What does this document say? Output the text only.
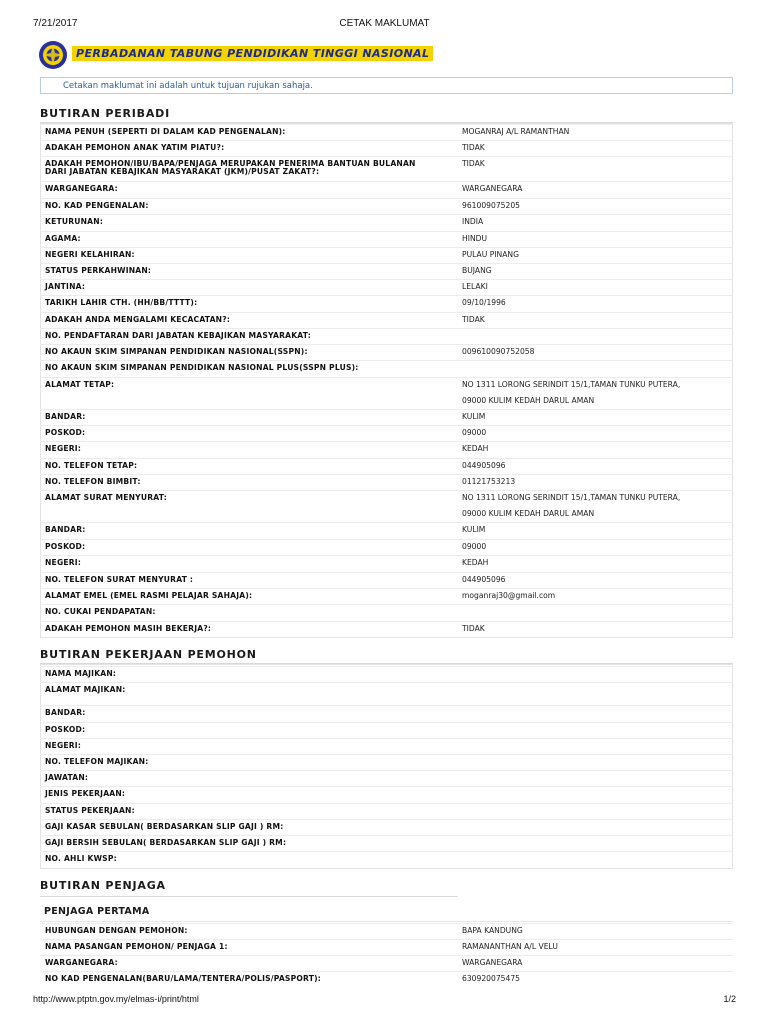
7/21/2017	CETAK MAKLUMAT
PERBADANAN TABUNG PENDIDIKAN TINGGI NASIONAL
Cetakan maklumat ini adalah untuk tujuan rujukan sahaja.
BUTIRAN PERIBADI
NAMA PENUH (SEPERTI DI DALAM KAD PENGENALAN):	MOGANRAJ A/L RAMANTHAN
ADAKAH PEMOHON ANAK YATIM PIATU?:	TIDAK
ADAKAH PEMOHON/IBU/BAPA/PENJAGA MERUPAKAN PENERIMA BANTUAN BULANAN
DARI JABATAN KEBAJIKAN MASYARAKAT (JKM)/PUSAT ZAKAT?:
TIDAK
WARGANEGARA:	WARGANEGARA
NO. KAD PENGENALAN:	961009075205
KETURUNAN:	INDIA
AGAMA:	HINDU
NEGERI KELAHIRAN:	PULAU PINANG
STATUS PERKAHWINAN:	BUJANG
JANTINA:	LELAKI
TARIKH LAHIR CTH. (HH/BB/TTTT):	09/10/1996
ADAKAH ANDA MENGALAMI KECACATAN?:	TIDAK
NO. PENDAFTARAN DARI JABATAN KEBAJIKAN MASYARAKAT:
NO AKAUN SKIM SIMPANAN PENDIDIKAN NASIONAL(SSPN):	009610090752058
NO AKAUN SKIM SIMPANAN PENDIDIKAN NASIONAL PLUS(SSPN PLUS):
ALAMAT TETAP:	NO 1311 LORONG SERINDIT 15/1,TAMAN TUNKU PUTERA,
09000 KULIM KEDAH DARUL AMAN
BANDAR:	KULIM
POSKOD:	09000
NEGERI:	KEDAH
NO. TELEFON TETAP:	044905096
NO. TELEFON BIMBIT:	01121753213
ALAMAT SURAT MENYURAT:	NO 1311 LORONG SERINDIT 15/1,TAMAN TUNKU PUTERA,
09000 KULIM KEDAH DARUL AMAN
BANDAR:	KULIM
POSKOD:	09000
NEGERI:	KEDAH
NO. TELEFON SURAT MENYURAT :	044905096
ALAMAT EMEL (EMEL RASMI PELAJAR SAHAJA):	moganraj30@gmail.com
NO. CUKAI PENDAPATAN:
ADAKAH PEMOHON MASIH BEKERJA?:	TIDAK
BUTIRAN PEKERJAAN PEMOHON
NAMA MAJIKAN:
ALAMAT MAJIKAN:
BANDAR:
POSKOD:
NEGERI:
NO. TELEFON MAJIKAN:
JAWATAN:
JENIS PEKERJAAN:
STATUS PEKERJAAN:
GAJI KASAR SEBULAN( BERDASARKAN SLIP GAJI ) RM:
GAJI BERSIH SEBULAN( BERDASARKAN SLIP GAJI ) RM:
NO. AHLI KWSP:
BUTIRAN PENJAGA
PENJAGA PERTAMA
HUBUNGAN DENGAN PEMOHON:	BAPA KANDUNG
NAMA PASANGAN PEMOHON/ PENJAGA 1:	RAMANANTHAN A/L VELU
WARGANEGARA:	WARGANEGARA
NO KAD PENGENALAN(BARU/LAMA/TENTERA/POLIS/PASPORT):	630920075475
http://www.ptptn.gov.my/elmas-i/print/html	1/2
